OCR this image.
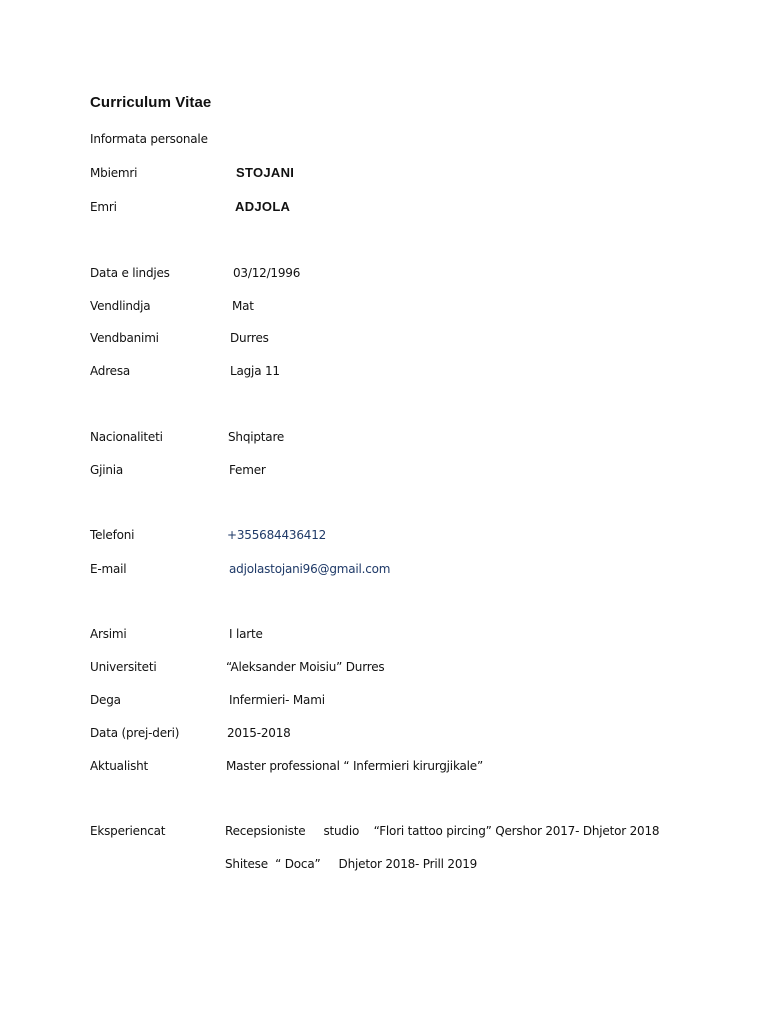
Curriculum Vitae
Informata personale
Mbiemri	STOJANI
Emri	ADJOLA
Data e lindjes	03/12/1996
Vendlindja	Mat
Vendbanimi	Durres
Adresa	Lagja 11
Nacionaliteti	Shqiptare
Gjinia	Femer
Telefoni	+355684436412
E-mail	adjolastojani96@gmail.com
Arsimi	I larte
Universiteti	“Aleksander Moisiu” Durres
Dega	Infermieri- Mami
Data (prej-deri)	2015-2018
Aktualisht	Master professional “ Infermieri kirurgjikale”
Eksperiencat	Recepsioniste     studio    “Flori tattoo pircing” Qershor 2017- Dhjetor 2018
Shitese  “ Doca”     Dhjetor 2018- Prill 2019
